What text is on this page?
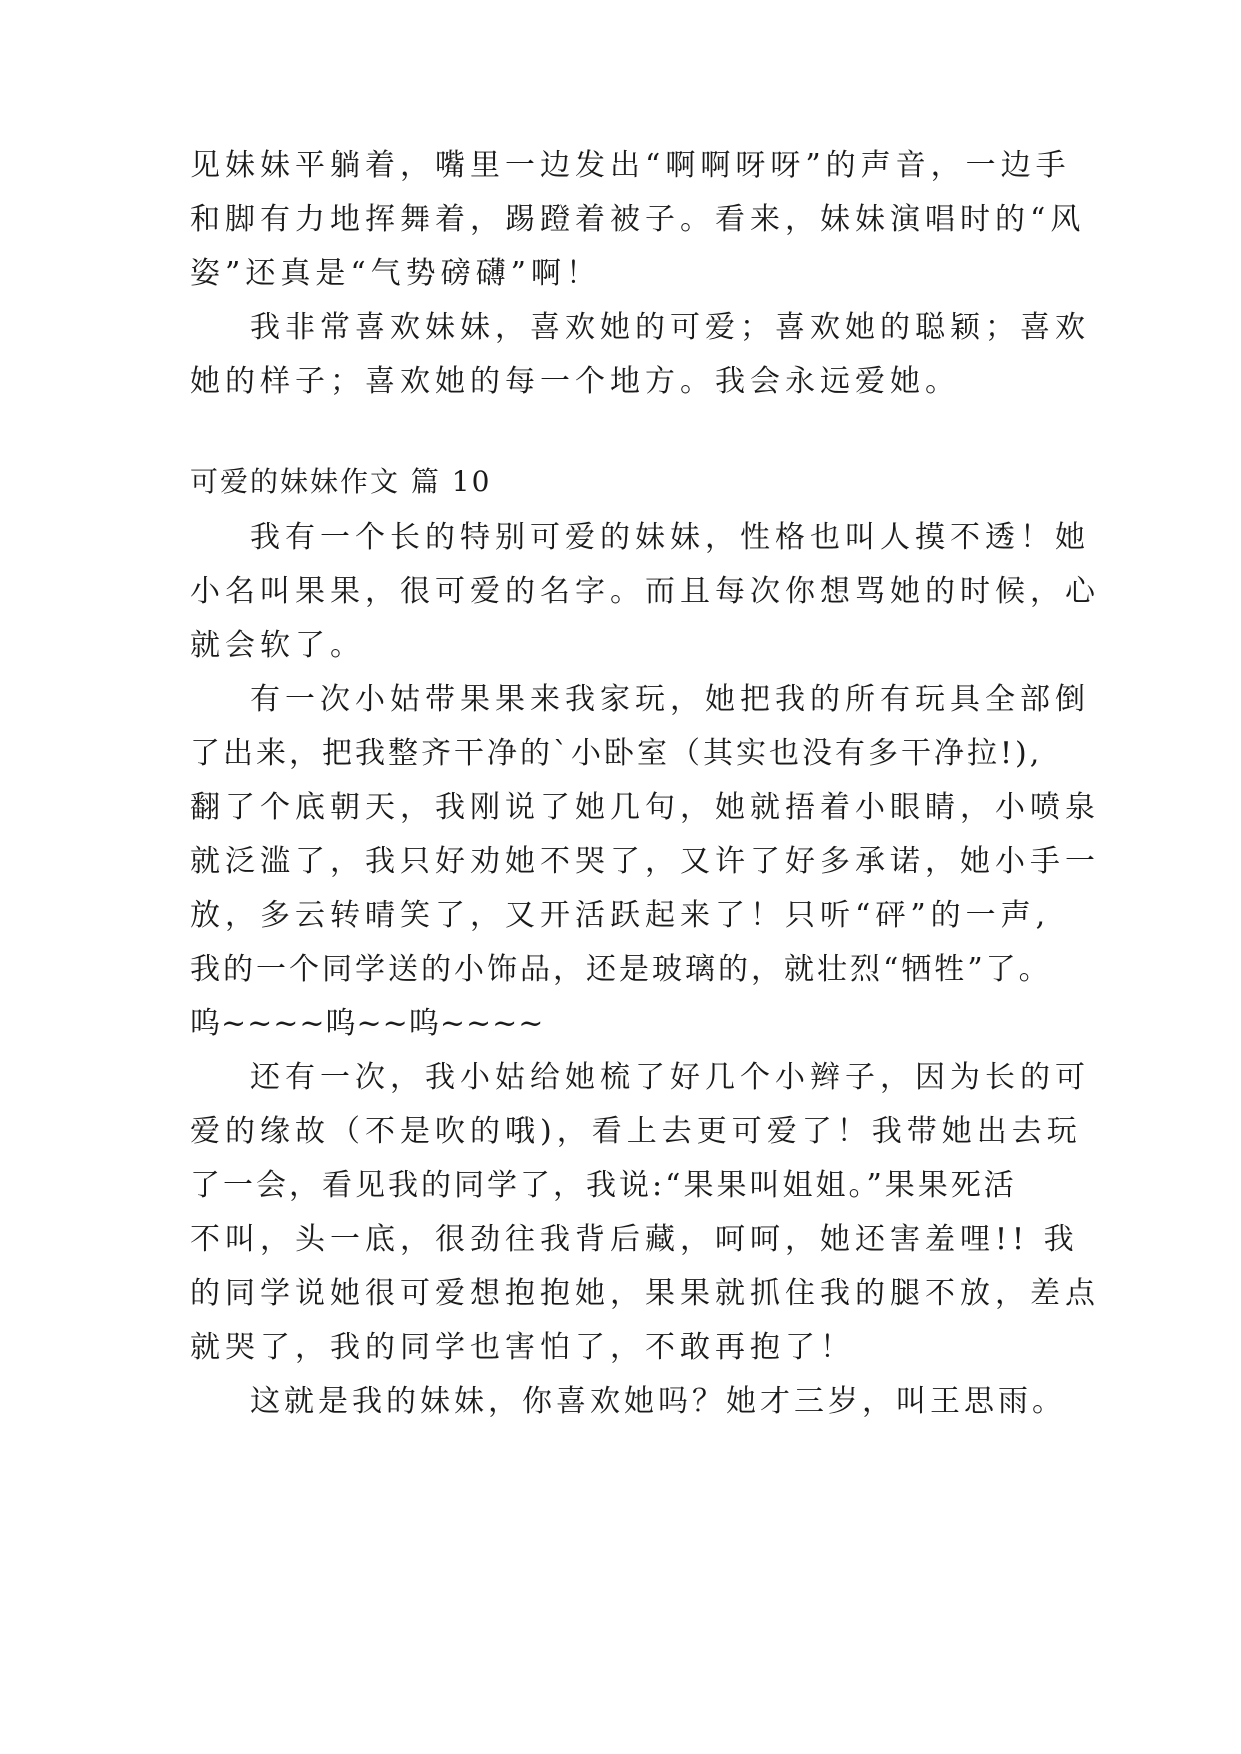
见妹妹平躺着，嘴里一边发出“啊啊呀呀”的声音，一边手
和脚有力地挥舞着，踢蹬着被子。看来，妹妹演唱时的“风
姿”还真是“气势磅礴”啊！
我非常喜欢妹妹，喜欢她的可爱；喜欢她的聪颖；喜欢
她的样子；喜欢她的每一个地方。我会永远爱她。
可爱的妹妹作文 篇 10
我有一个长的特别可爱的妹妹，性格也叫人摸不透！她
小名叫果果，很可爱的名字。而且每次你想骂她的时候，心
就会软了。
有一次小姑带果果来我家玩，她把我的所有玩具全部倒
了出来，把我整齐干净的`小卧室（其实也没有多干净拉!),
翻了个底朝天，我刚说了她几句，她就捂着小眼睛，小喷泉
就泛滥了，我只好劝她不哭了，又许了好多承诺，她小手一
放，多云转晴笑了，又开活跃起来了！只听“砰”的一声,
我的一个同学送的小饰品，还是玻璃的，就壮烈“牺牲”了。
呜~~~~呜~~呜~~~~
还有一次，我小姑给她梳了好几个小辫子，因为长的可
爱的缘故（不是吹的哦)，看上去更可爱了！我带她出去玩
了一会，看见我的同学了，我说:“果果叫姐姐。”果果死活
不叫，头一底，很劲往我背后藏，呵呵，她还害羞哩!! 我
的同学说她很可爱想抱抱她，果果就抓住我的腿不放，差点
就哭了，我的同学也害怕了，不敢再抱了！
这就是我的妹妹，你喜欢她吗？她才三岁，叫王思雨。
